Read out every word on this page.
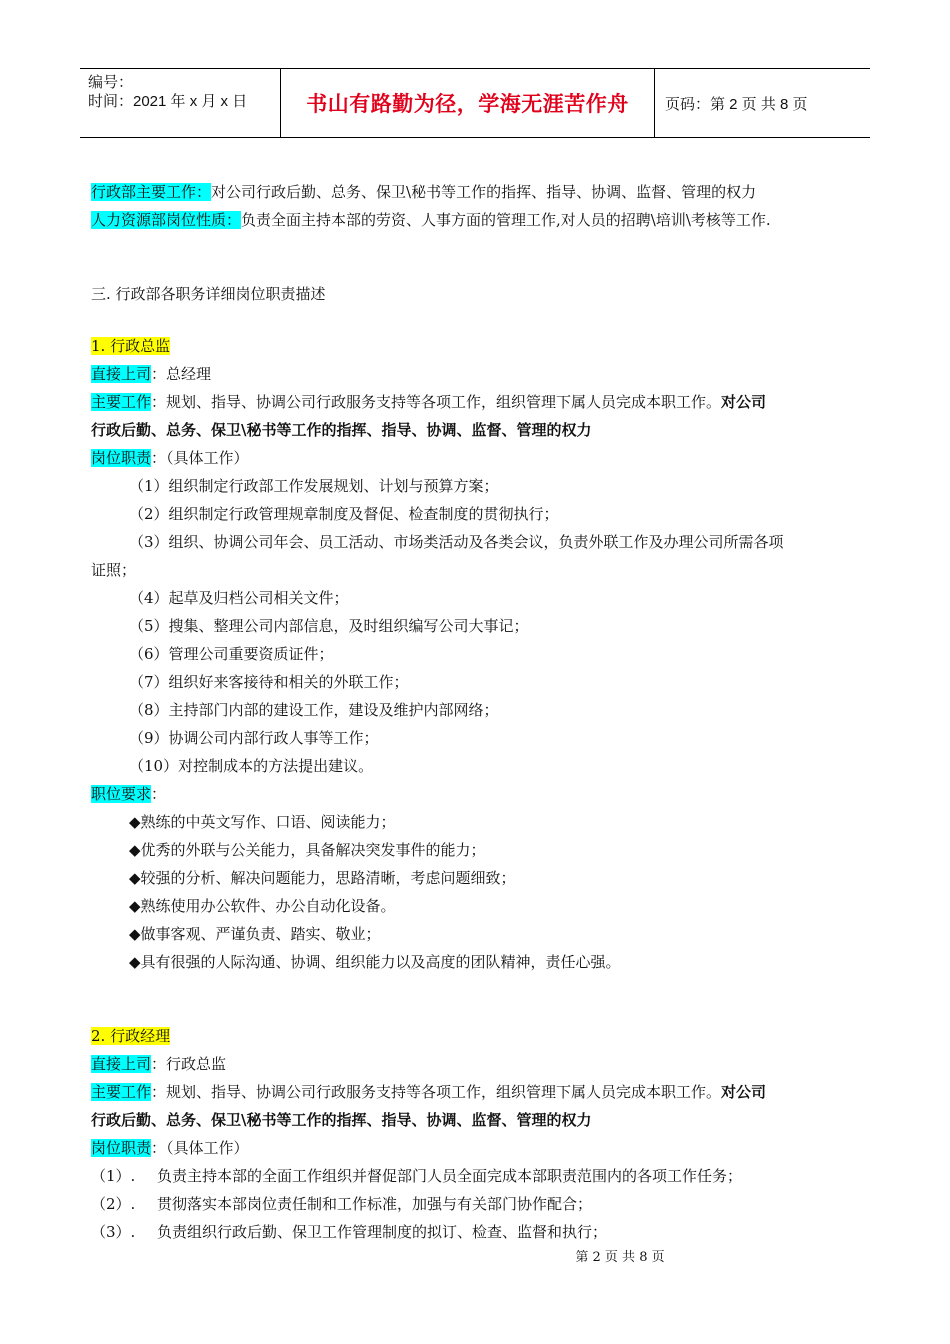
编号：
时间：2021 年 x 月 x 日	书山有路勤为径，学海无涯苦作舟	页码：第 2 页 共 8 页

行政部主要工作：对公司行政后勤、总务、保卫\秘书等工作的指挥、指导、协调、监督、管理的权力

人力资源部岗位性质：负责全面主持本部的劳资、人事方面的管理工作,对人员的招聘\培训\考核等工作.

三. 行政部各职务详细岗位职责描述

1. 行政总监

直接上司：总经理

主要工作：规划、指导、协调公司行政服务支持等各项工作，组织管理下属人员完成本职工作。对公司

行政后勤、总务、保卫\秘书等工作的指挥、指导、协调、监督、管理的权力

岗位职责：（具体工作）

（1）组织制定行政部工作发展规划、计划与预算方案；

（2）组织制定行政管理规章制度及督促、检查制度的贯彻执行；

（3）组织、协调公司年会、员工活动、市场类活动及各类会议，负责外联工作及办理公司所需各项

证照；

（4）起草及归档公司相关文件；

（5）搜集、整理公司内部信息，及时组织编写公司大事记；

（6）管理公司重要资质证件；

（7）组织好来客接待和相关的外联工作；

（8）主持部门内部的建设工作，建设及维护内部网络；

（9）协调公司内部行政人事等工作；

（10）对控制成本的方法提出建议。

职位要求：

◆熟练的中英文写作、口语、阅读能力；

◆优秀的外联与公关能力，具备解决突发事件的能力；

◆较强的分析、解决问题能力，思路清晰，考虑问题细致；

◆熟练使用办公软件、办公自动化设备。

◆做事客观、严谨负责、踏实、敬业；

◆具有很强的人际沟通、协调、组织能力以及高度的团队精神，责任心强。

2. 行政经理

直接上司：行政总监

主要工作：规划、指导、协调公司行政服务支持等各项工作，组织管理下属人员完成本职工作。对公司

行政后勤、总务、保卫\秘书等工作的指挥、指导、协调、监督、管理的权力

岗位职责：（具体工作）

（1）. 负责主持本部的全面工作组织并督促部门人员全面完成本部职责范围内的各项工作任务；

（2）. 贯彻落实本部岗位责任制和工作标准，加强与有关部门协作配合；

（3）. 负责组织行政后勤、保卫工作管理制度的拟订、检查、监督和执行；

第 2 页 共 8 页
